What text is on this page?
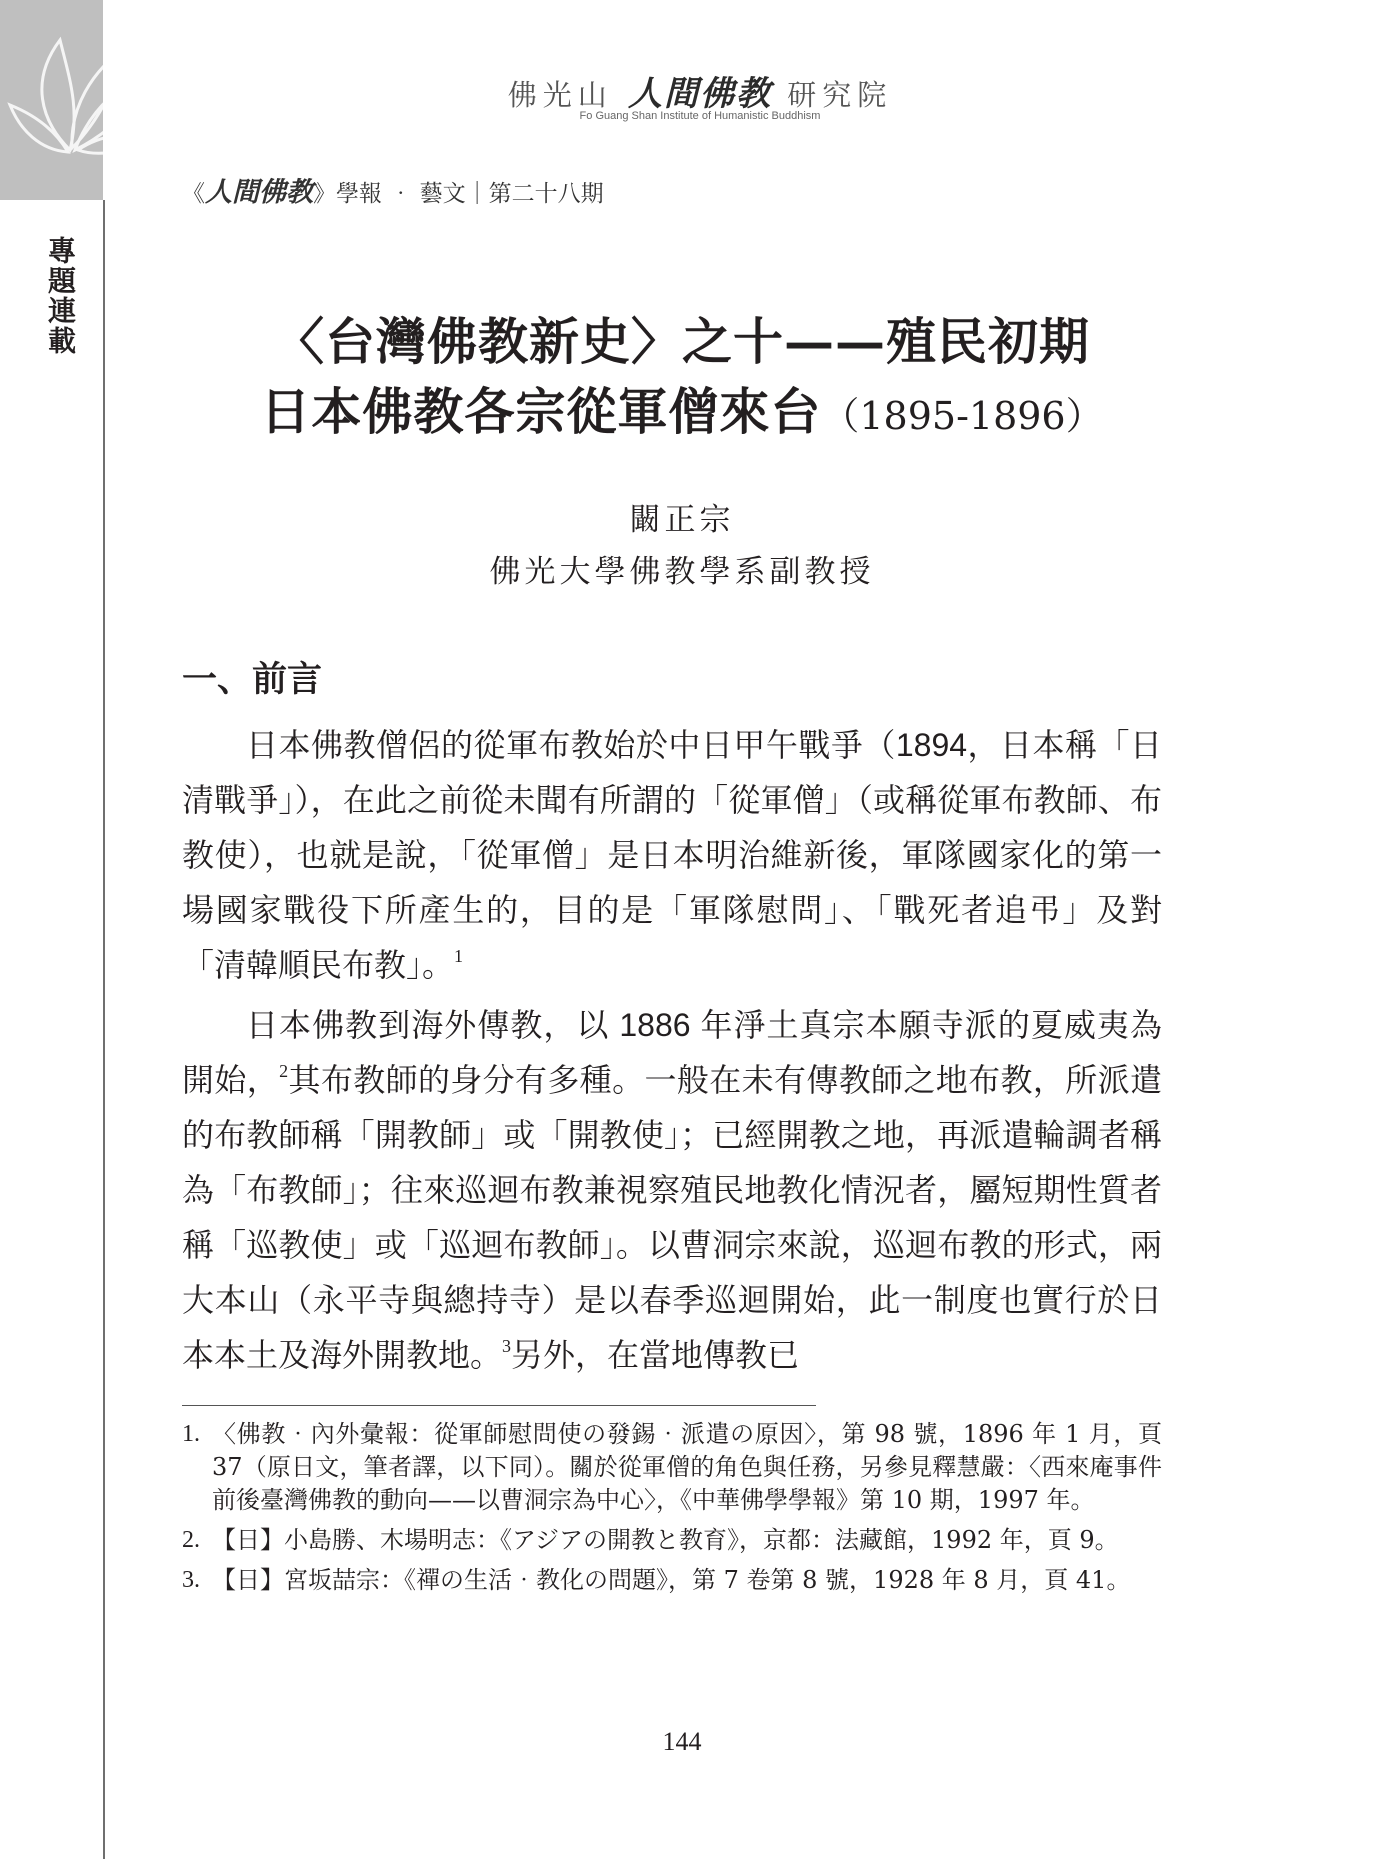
專題連載
佛光山 人間佛教 研究院
Fo Guang Shan Institute of Humanistic Buddhism
《人間佛教》學報 ‧ 藝文｜第二十八期
〈台灣佛教新史〉之十——殖民初期
日本佛教各宗從軍僧來台（1895-1896）
闞正宗
佛光大學佛教學系副教授
一、前言

日本佛教僧侶的從軍布教始於中日甲午戰爭（1894，日本稱「日清戰爭」），在此之前從未聞有所謂的「從軍僧」（或稱從軍布教師、布教使），也就是說，「從軍僧」是日本明治維新後，軍隊國家化的第一場國家戰役下所產生的，目的是「軍隊慰問」、「戰死者追弔」及對「清韓順民布教」。$^1$

日本佛教到海外傳教，以 1886 年淨土真宗本願寺派的夏威夷為開始，$^2$其布教師的身分有多種。一般在未有傳教師之地布教，所派遣的布教師稱「開教師」或「開教使」；已經開教之地，再派遣輪調者稱為「布教師」；往來巡迴布教兼視察殖民地教化情況者，屬短期性質者稱「巡教使」或「巡迴布教師」。以曹洞宗來說，巡迴布教的形式，兩大本山（永平寺與總持寺）是以春季巡迴開始，此一制度也實行於日本本土及海外開教地。$^3$另外，在當地傳教已

1. 〈佛教‧內外彙報：從軍師慰問使の發錫‧派遣の原因〉，第 98 號，1896 年 1 月，頁 37（原日文，筆者譯，以下同）。關於從軍僧的角色與任務，另參見釋慧嚴：〈西來庵事件前後臺灣佛教的動向——以曹洞宗為中心〉，《中華佛學學報》第 10 期，1997 年。
2. 【日】小島勝、木場明志：《アジアの開教と教育》，京都：法藏館，1992 年，頁 9。
3. 【日】宮坂喆宗：《禪の生活‧教化の問題》，第 7 卷第 8 號，1928 年 8 月，頁 41。
144
